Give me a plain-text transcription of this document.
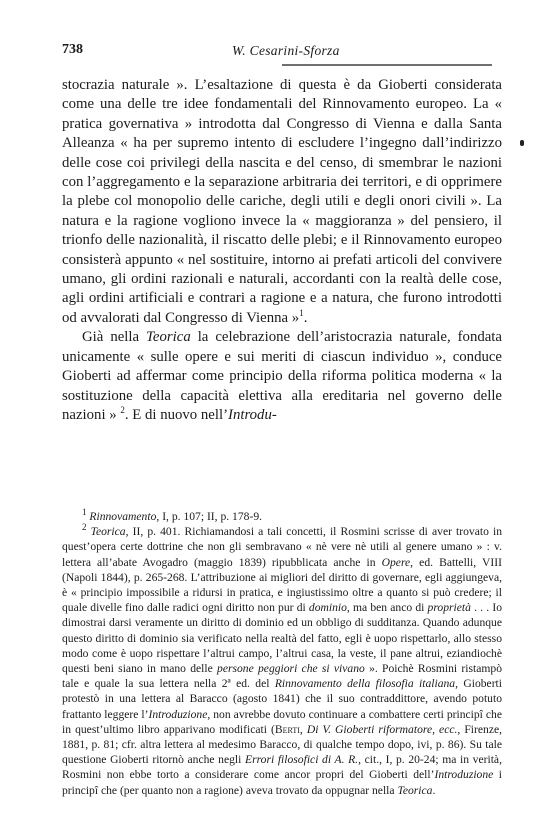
738	W. Cesarini-Sforza

stocrazia naturale ». L’esaltazione di questa è da Gioberti considerata come una delle tre idee fondamentali del Rinnovamento europeo. La « pratica governativa » introdotta dal Congresso di Vienna e dalla Santa Alleanza « ha per supremo intento di escludere l’ingegno dall’indirizzo delle cose coi privilegi della nascita e del censo, di smembrar le nazioni con l’aggregamento e la separazione arbitraria dei territori, e di opprimere la plebe col monopolio delle cariche, degli utili e degli onori civili ». La natura e la ragione vogliono invece la « maggioranza » del pensiero, il trionfo delle nazionalità, il riscatto delle plebi; e il Rinnovamento europeo consisterà appunto « nel sostituire, intorno ai prefati articoli del convivere umano, gli ordini razionali e naturali, accordanti con la realtà delle cose, agli ordini artificiali e contrari a ragione e a natura, che furono introdotti od avvalorati dal Congresso di Vienna »$^1$.

Già nella Teorica la celebrazione dell’aristocrazia naturale, fondata unicamente « sulle opere e sui meriti di ciascun individuo », conduce Gioberti ad affermar come principio della riforma politica moderna « la sostituzione della capacità elettiva alla ereditaria nel governo delle nazioni » $^2$. E di nuovo nell’Introdu-

$^1$ Rinnovamento, I, p. 107; II, p. 178-9.

$^2$ Teorica, II, p. 401. Richiamandosi a tali concetti, il Rosmini scrisse di aver trovato in quest’opera certe dottrine che non gli sembravano « nè vere nè utili al genere umano » : v. lettera all’abate Avogadro (maggio 1839) ripubblicata anche in Opere, ed. Battelli, VIII (Napoli 1844), p. 265-268. L’attribuzione ai migliori del diritto di governare, egli aggiungeva, è « principio impossibile a ridursi in pratica, e ingiustissimo oltre a quanto si può credere; il quale divelle fino dalle radici ogni diritto non pur di dominio, ma ben anco di proprietà . . . Io dimostrai darsi veramente un diritto di dominio ed un obbligo di sudditanza. Quando adunque questo diritto di dominio sia verificato nella realtà del fatto, egli è uopo rispettarlo, allo stesso modo come è uopo rispettare l’altrui campo, l’altrui casa, la veste, il pane altrui, eziandiochè questi beni siano in mano delle persone peggiori che si vivano ». Poichè Rosmini ristampò tale e quale la sua lettera nella 2ª ed. del Rinnovamento della filosofia italiana, Gioberti protestò in una lettera al Baracco (agosto 1841) che il suo contraddittore, avendo potuto frattanto leggere l’Introduzione, non avrebbe dovuto continuare a combattere certi principî che in quest’ultimo libro apparivano modificati (Berti, Di V. Gioberti riformatore, ecc., Firenze, 1881, p. 81; cfr. altra lettera al medesimo Baracco, di qualche tempo dopo, ivi, p. 86). Su tale questione Gioberti ritornò anche negli Errori filosofici di A. R., cit., I, p. 20-24; ma in verità, Rosmini non ebbe torto a considerare come ancor propri del Gioberti dell’Introduzione i principî che (per quanto non a ragione) aveva trovato da oppugnar nella Teorica.
